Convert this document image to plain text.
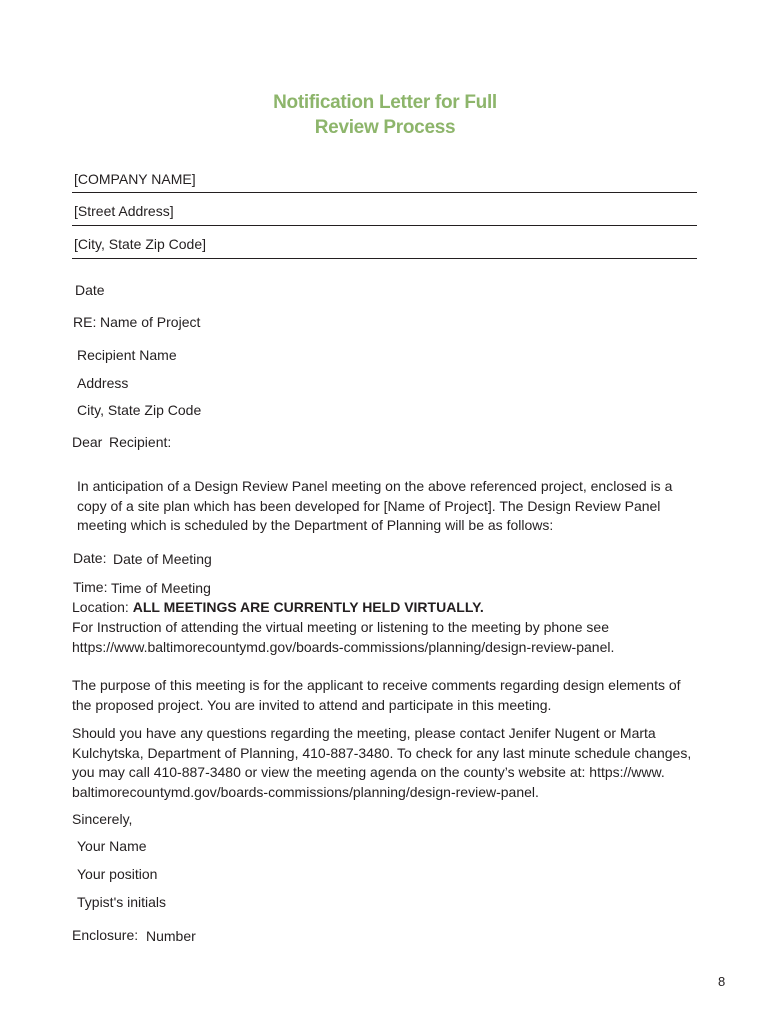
Notification Letter for Full
Review Process
[COMPANY NAME]
[Street Address]
[City, State Zip Code]
Date
RE: Name of Project
Recipient Name
Address
City, State Zip Code
Dear Recipient:
In anticipation of a Design Review Panel meeting on the above referenced project, enclosed is a
copy of a site plan which has been developed for [Name of Project]. The Design Review Panel
meeting which is scheduled by the Department of Planning will be as follows:
Date: Date of Meeting
Time: Time of Meeting
Location: ALL MEETINGS ARE CURRENTLY HELD VIRTUALLY.
For Instruction of attending the virtual meeting or listening to the meeting by phone see
https://www.baltimorecountymd.gov/boards-commissions/planning/design-review-panel.
The purpose of this meeting is for the applicant to receive comments regarding design elements of
the proposed project. You are invited to attend and participate in this meeting.
Should you have any questions regarding the meeting, please contact Jenifer Nugent or Marta
Kulchytska, Department of Planning, 410-887-3480. To check for any last minute schedule changes,
you may call 410-887-3480 or view the meeting agenda on the county’s website at: https://www.
baltimorecountymd.gov/boards-commissions/planning/design-review-panel.
Sincerely,
Your Name
Your position
Typist's initials
Enclosure: Number
8
